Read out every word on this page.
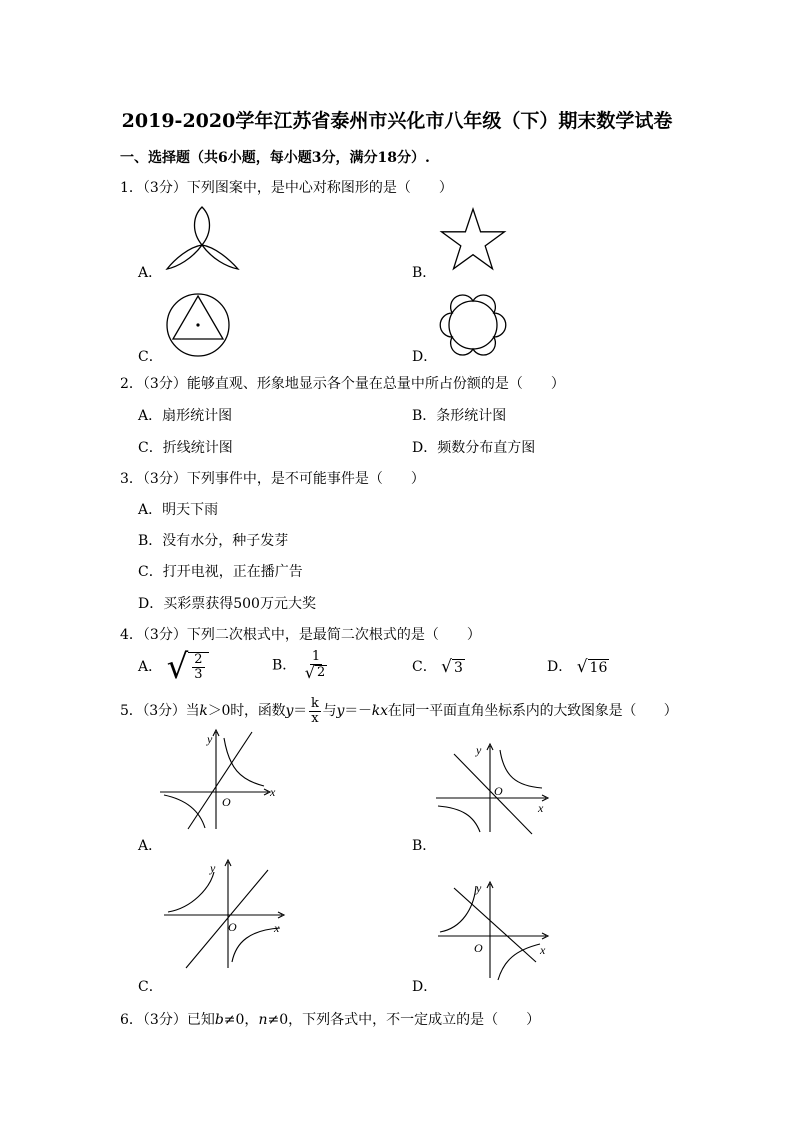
2019-2020学年江苏省泰州市兴化市八年级（下）期末数学试卷
一、选择题（共6小题，每小题3分，满分18分）.
1．（3分）下列图案中，是中心对称图形的是（　　）
A．	B．
C．	D．
2．（3分）能够直观、形象地显示各个量在总量中所占份额的是（　　）
A．扇形统计图	B．条形统计图
C．折线统计图	D．频数分布直方图
3．（3分）下列事件中，是不可能事件是（　　）
A．明天下雨
B．没有水分，种子发芽
C．打开电视，正在播广告
D．买彩票获得500万元大奖
4．（3分）下列二次根式中，是最简二次根式的是（　　）
A． √ $\frac{2}{3}$	B． $\frac{1}{√ 2}$	C． √ 3	D． √ 16
5．（3分）当k＞0时，函数$y= \frac{k}{x}$ 与y＝－kx在同一平面直角坐标系内的大致图象是（　　）
A．	B．
C．	D．
y
x
O
y
x
O
y
x
O
y
x
O
6．（3分）已知b≠0，n≠0，下列各式中，不一定成立的是（　　）
